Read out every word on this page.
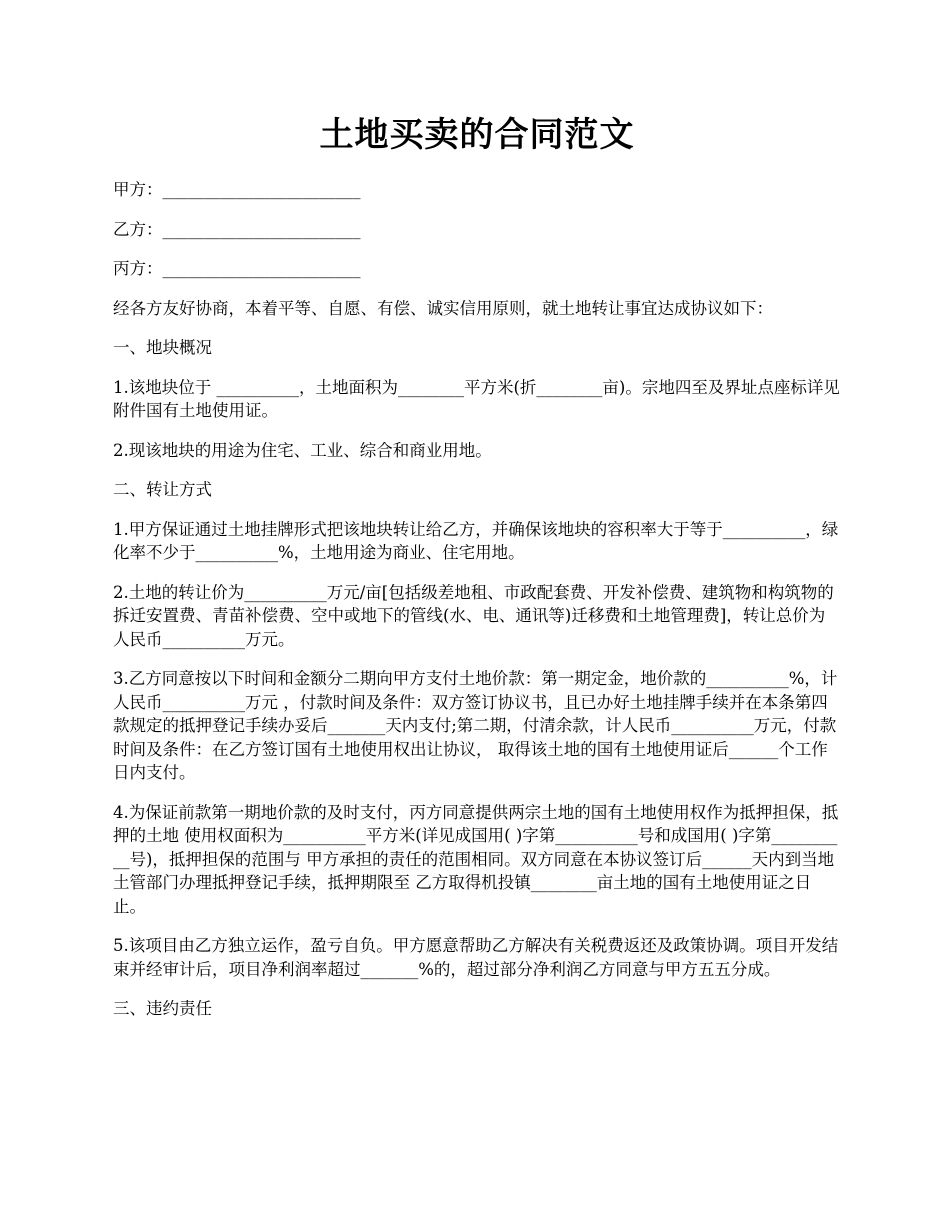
土地买卖的合同范文

甲方：________________________

乙方：________________________

丙方：________________________

经各方友好协商，本着平等、自愿、有偿、诚实信用原则，就土地转让事宜达成协议如下：

一、地块概况

1.该地块位于 __________，土地面积为________平方米(折________亩)。宗地四至及界址点座标详见附件国有土地使用证。

2.现该地块的用途为住宅、工业、综合和商业用地。

二、转让方式

1.甲方保证通过土地挂牌形式把该地块转让给乙方，并确保该地块的容积率大于等于__________，绿化率不少于__________%，土地用途为商业、住宅用地。

2.土地的转让价为__________万元/亩[包括级差地租、市政配套费、开发补偿费、建筑物和构筑物的拆迁安置费、青苗补偿费、空中或地下的管线(水、电、通讯等)迁移费和土地管理费]，转让总价为人民币__________万元。

3.乙方同意按以下时间和金额分二期向甲方支付土地价款：第一期定金，地价款的__________%，计人民币__________万元 ，付款时间及条件：双方签订协议书，且已办好土地挂牌手续并在本条第四款规定的抵押登记手续办妥后_______天内支付;第二期，付清余款，计人民币__________万元，付款时间及条件：在乙方签订国有土地使用权出让协议， 取得该土地的国有土地使用证后______个工作日内支付。

4.为保证前款第一期地价款的及时支付，丙方同意提供两宗土地的国有土地使用权作为抵押担保，抵押的土地 使用权面积为__________平方米(详见成国用( )字第__________号和成国用( )字第__________号)，抵押担保的范围与 甲方承担的责任的范围相同。双方同意在本协议签订后______天内到当地土管部门办理抵押登记手续，抵押期限至 乙方取得机投镇________亩土地的国有土地使用证之日止。

5.该项目由乙方独立运作，盈亏自负。甲方愿意帮助乙方解决有关税费返还及政策协调。项目开发结束并经审计后，项目净利润率超过_______%的，超过部分净利润乙方同意与甲方五五分成。

三、违约责任
